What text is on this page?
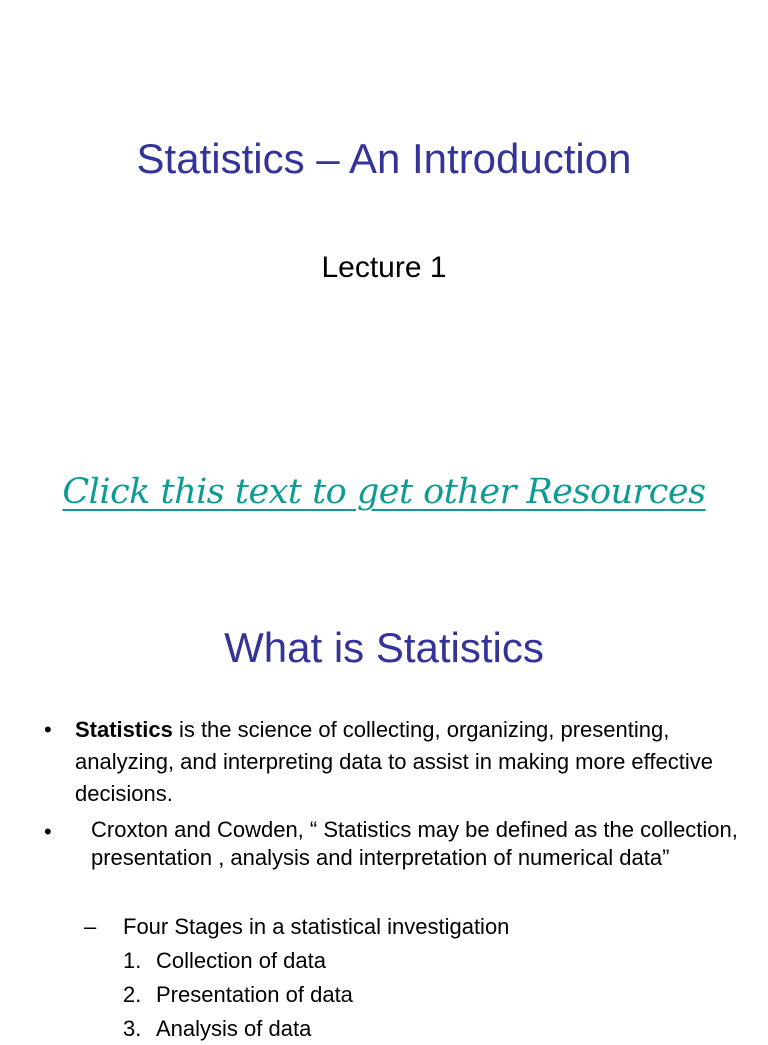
Statistics – An Introduction
Lecture 1
Click this text to get other Resources
What is Statistics
• Statistics is the science of collecting, organizing, presenting, analyzing, and interpreting data to assist in making more effective decisions.
• Croxton and Cowden, “ Statistics may be defined as the collection, presentation , analysis and interpretation of numerical data”
– Four Stages in a statistical investigation
1. Collection of data
2. Presentation of data
3. Analysis of data
